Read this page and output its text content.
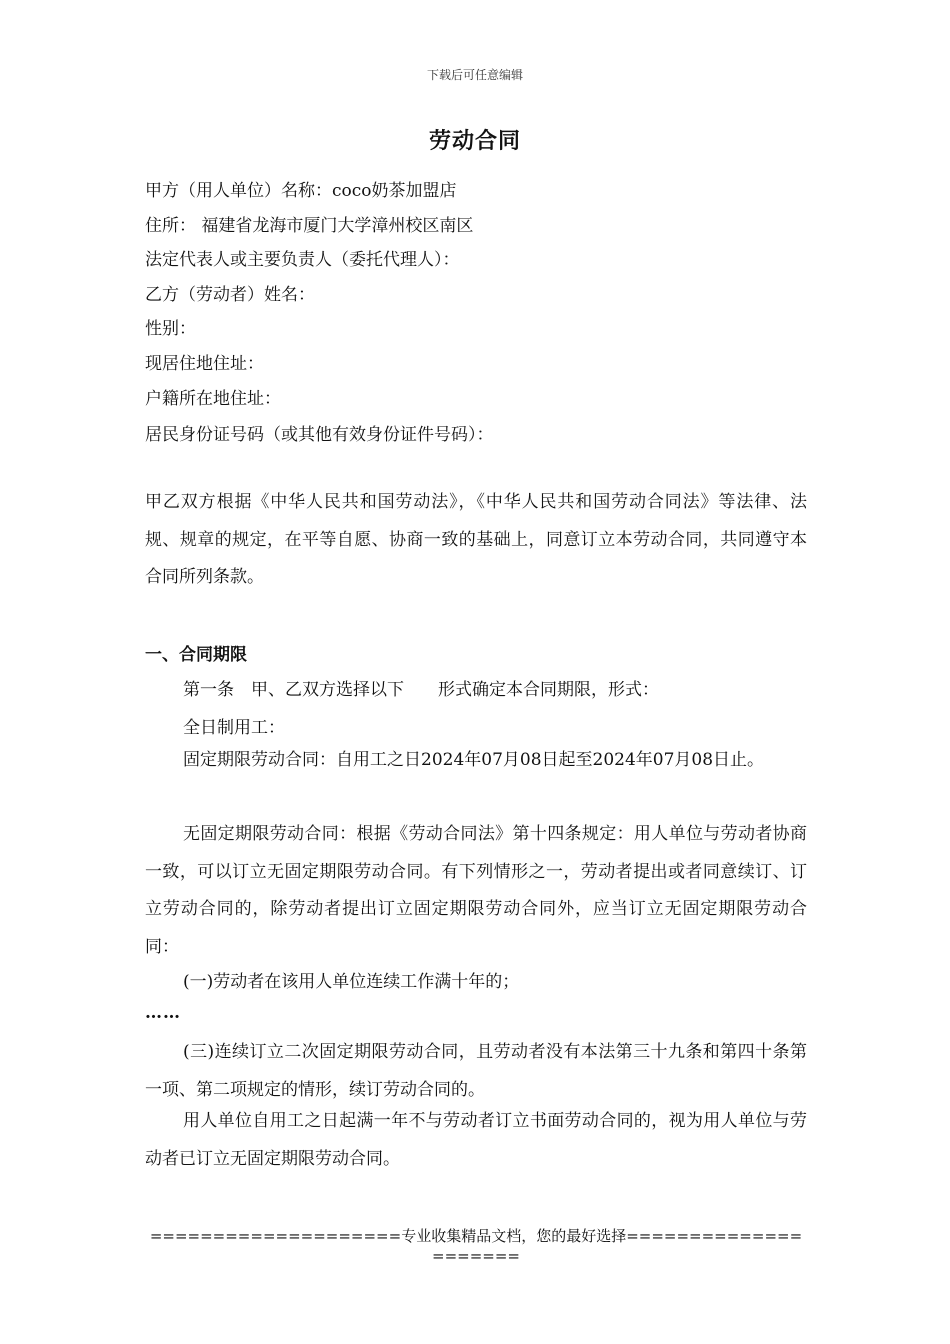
下载后可任意编辑
劳动合同
甲方（用人单位）名称：coco奶茶加盟店
住所： 福建省龙海市厦门大学漳州校区南区
法定代表人或主要负责人（委托代理人）：
乙方（劳动者）姓名：
性别：
现居住地住址：
户籍所在地住址：
居民身份证号码（或其他有效身份证件号码）：
甲乙双方根据《中华人民共和国劳动法》，《中华人民共和国劳动合同法》等法律、法规、规章的规定，在平等自愿、协商一致的基础上，同意订立本劳动合同，共同遵守本合同所列条款。
一、合同期限
第一条　甲、乙双方选择以下　　形式确定本合同期限，形式：
全日制用工：
固定期限劳动合同：自用工之日2024年07月08日起至2024年07月08日止。
无固定期限劳动合同：根据《劳动合同法》第十四条规定：用人单位与劳动者协商一致，可以订立无固定期限劳动合同。有下列情形之一，劳动者提出或者同意续订、订立劳动合同的，除劳动者提出订立固定期限劳动合同外，应当订立无固定期限劳动合同：
(一)劳动者在该用人单位连续工作满十年的；
……
(三)连续订立二次固定期限劳动合同，且劳动者没有本法第三十九条和第四十条第一项、第二项规定的情形，续订劳动合同的。
用人单位自用工之日起满一年不与劳动者订立书面劳动合同的，视为用人单位与劳动者已订立无固定期限劳动合同。
====================专业收集精品文档，您的最好选择=====================
